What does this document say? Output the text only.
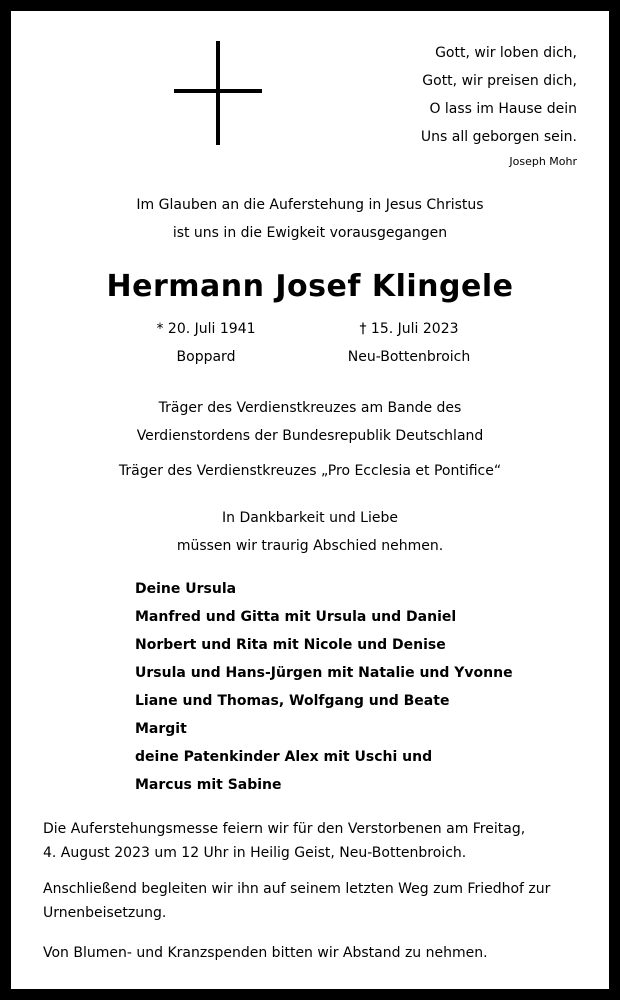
Gott, wir loben dich,
Gott, wir preisen dich,
O lass im Hause dein
Uns all geborgen sein.
Joseph Mohr
Im Glauben an die Auferstehung in Jesus Christus
ist uns in die Ewigkeit vorausgegangen
Hermann Josef Klingele
* 20. Juli 1941
Boppard
† 15. Juli 2023
Neu-Bottenbroich
Träger des Verdienstkreuzes am Bande des
Verdienstordens der Bundesrepublik Deutschland
Träger des Verdienstkreuzes „Pro Ecclesia et Pontifice“
In Dankbarkeit und Liebe
müssen wir traurig Abschied nehmen.
Deine Ursula
Manfred und Gitta mit Ursula und Daniel
Norbert und Rita mit Nicole und Denise
Ursula und Hans-Jürgen mit Natalie und Yvonne
Liane und Thomas, Wolfgang und Beate
Margit
deine Patenkinder Alex mit Uschi und
Marcus mit Sabine
Die Auferstehungsmesse feiern wir für den Verstorbenen am Freitag,
4. August 2023 um 12 Uhr in Heilig Geist, Neu-Bottenbroich.
Anschließend begleiten wir ihn auf seinem letzten Weg zum Friedhof zur
Urnenbeisetzung.
Von Blumen- und Kranzspenden bitten wir Abstand zu nehmen.
